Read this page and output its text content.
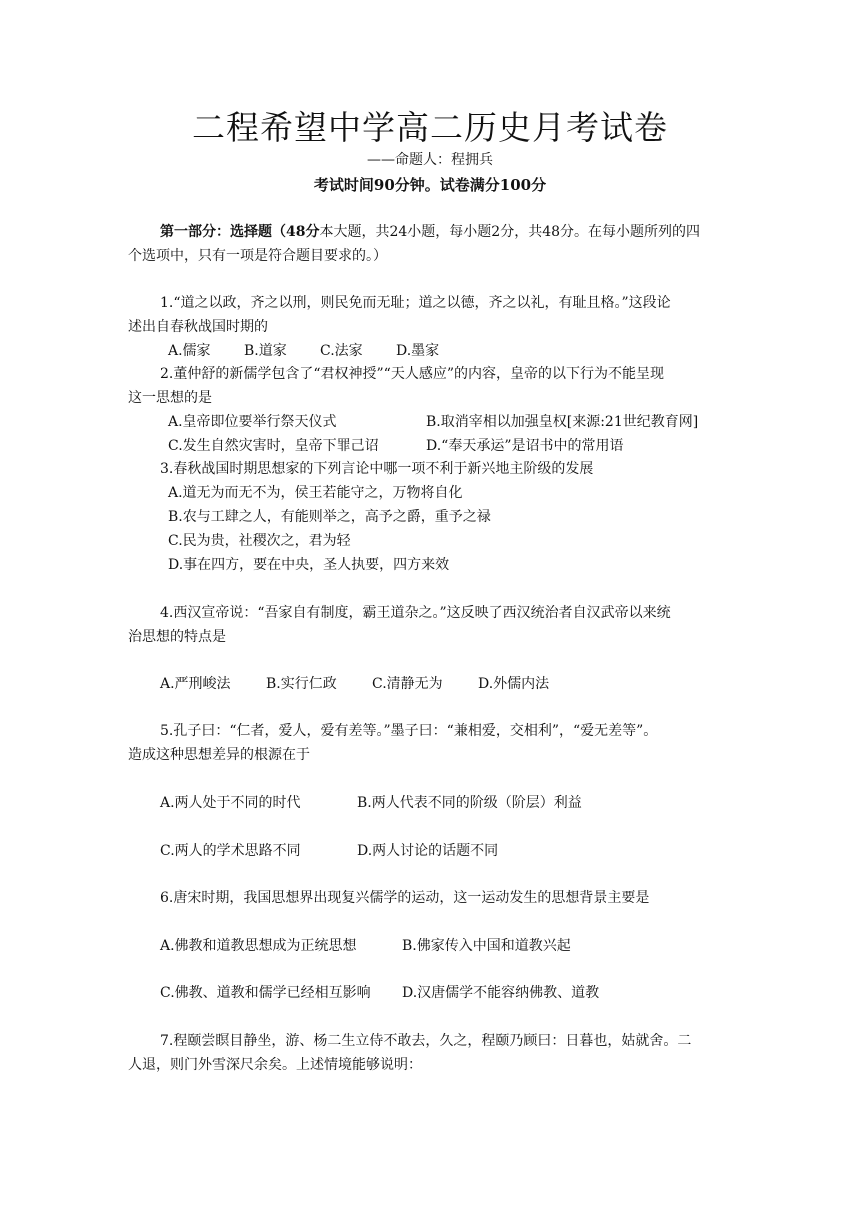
二程希望中学高二历史月考试卷
——命题人：程拥兵
考试时间90分钟。试卷满分100分
第一部分：选择题（48分本大题，共24小题，每小题2分，共48分。在每小题所列的四
个选项中，只有一项是符合题目要求的。）
1.“道之以政，齐之以刑，则民免而无耻；道之以德，齐之以礼，有耻且格。”这段论
述出自春秋战国时期的
A.儒家 B.道家 C.法家 D.墨家
2.董仲舒的新儒学包含了“君权神授”“天人感应”的内容，皇帝的以下行为不能呈现
这一思想的是
A.皇帝即位要举行祭天仪式	B.取消宰相以加强皇权[来源:21世纪教育网]
C.发生自然灾害时，皇帝下罪己诏	D.“奉天承运”是诏书中的常用语
3.春秋战国时期思想家的下列言论中哪一项不利于新兴地主阶级的发展
A.道无为而无不为，侯王若能守之，万物将自化
B.农与工肆之人，有能则举之，高予之爵，重予之禄
C.民为贵，社稷次之，君为轻
D.事在四方，要在中央，圣人执要，四方来效
4.西汉宣帝说：“吾家自有制度，霸王道杂之。”这反映了西汉统治者自汉武帝以来统
治思想的特点是
A.严刑峻法	B.实行仁政	C.清静无为	D.外儒内法
5.孔子曰：“仁者，爱人，爱有差等。”墨子曰：“兼相爱，交相利”，“爱无差等”。
造成这种思想差异的根源在于
A.两人处于不同的时代	B.两人代表不同的阶级（阶层）利益
C.两人的学术思路不同	D.两人讨论的话题不同
6.唐宋时期，我国思想界出现复兴儒学的运动，这一运动发生的思想背景主要是
A.佛教和道教思想成为正统思想	B.佛家传入中国和道教兴起
C.佛教、道教和儒学已经相互影响 D.汉唐儒学不能容纳佛教、道教
7.程颐尝瞑目静坐，游、杨二生立侍不敢去，久之，程颐乃顾曰：日暮也，姑就舍。二
人退，则门外雪深尺余矣。上述情境能够说明：
